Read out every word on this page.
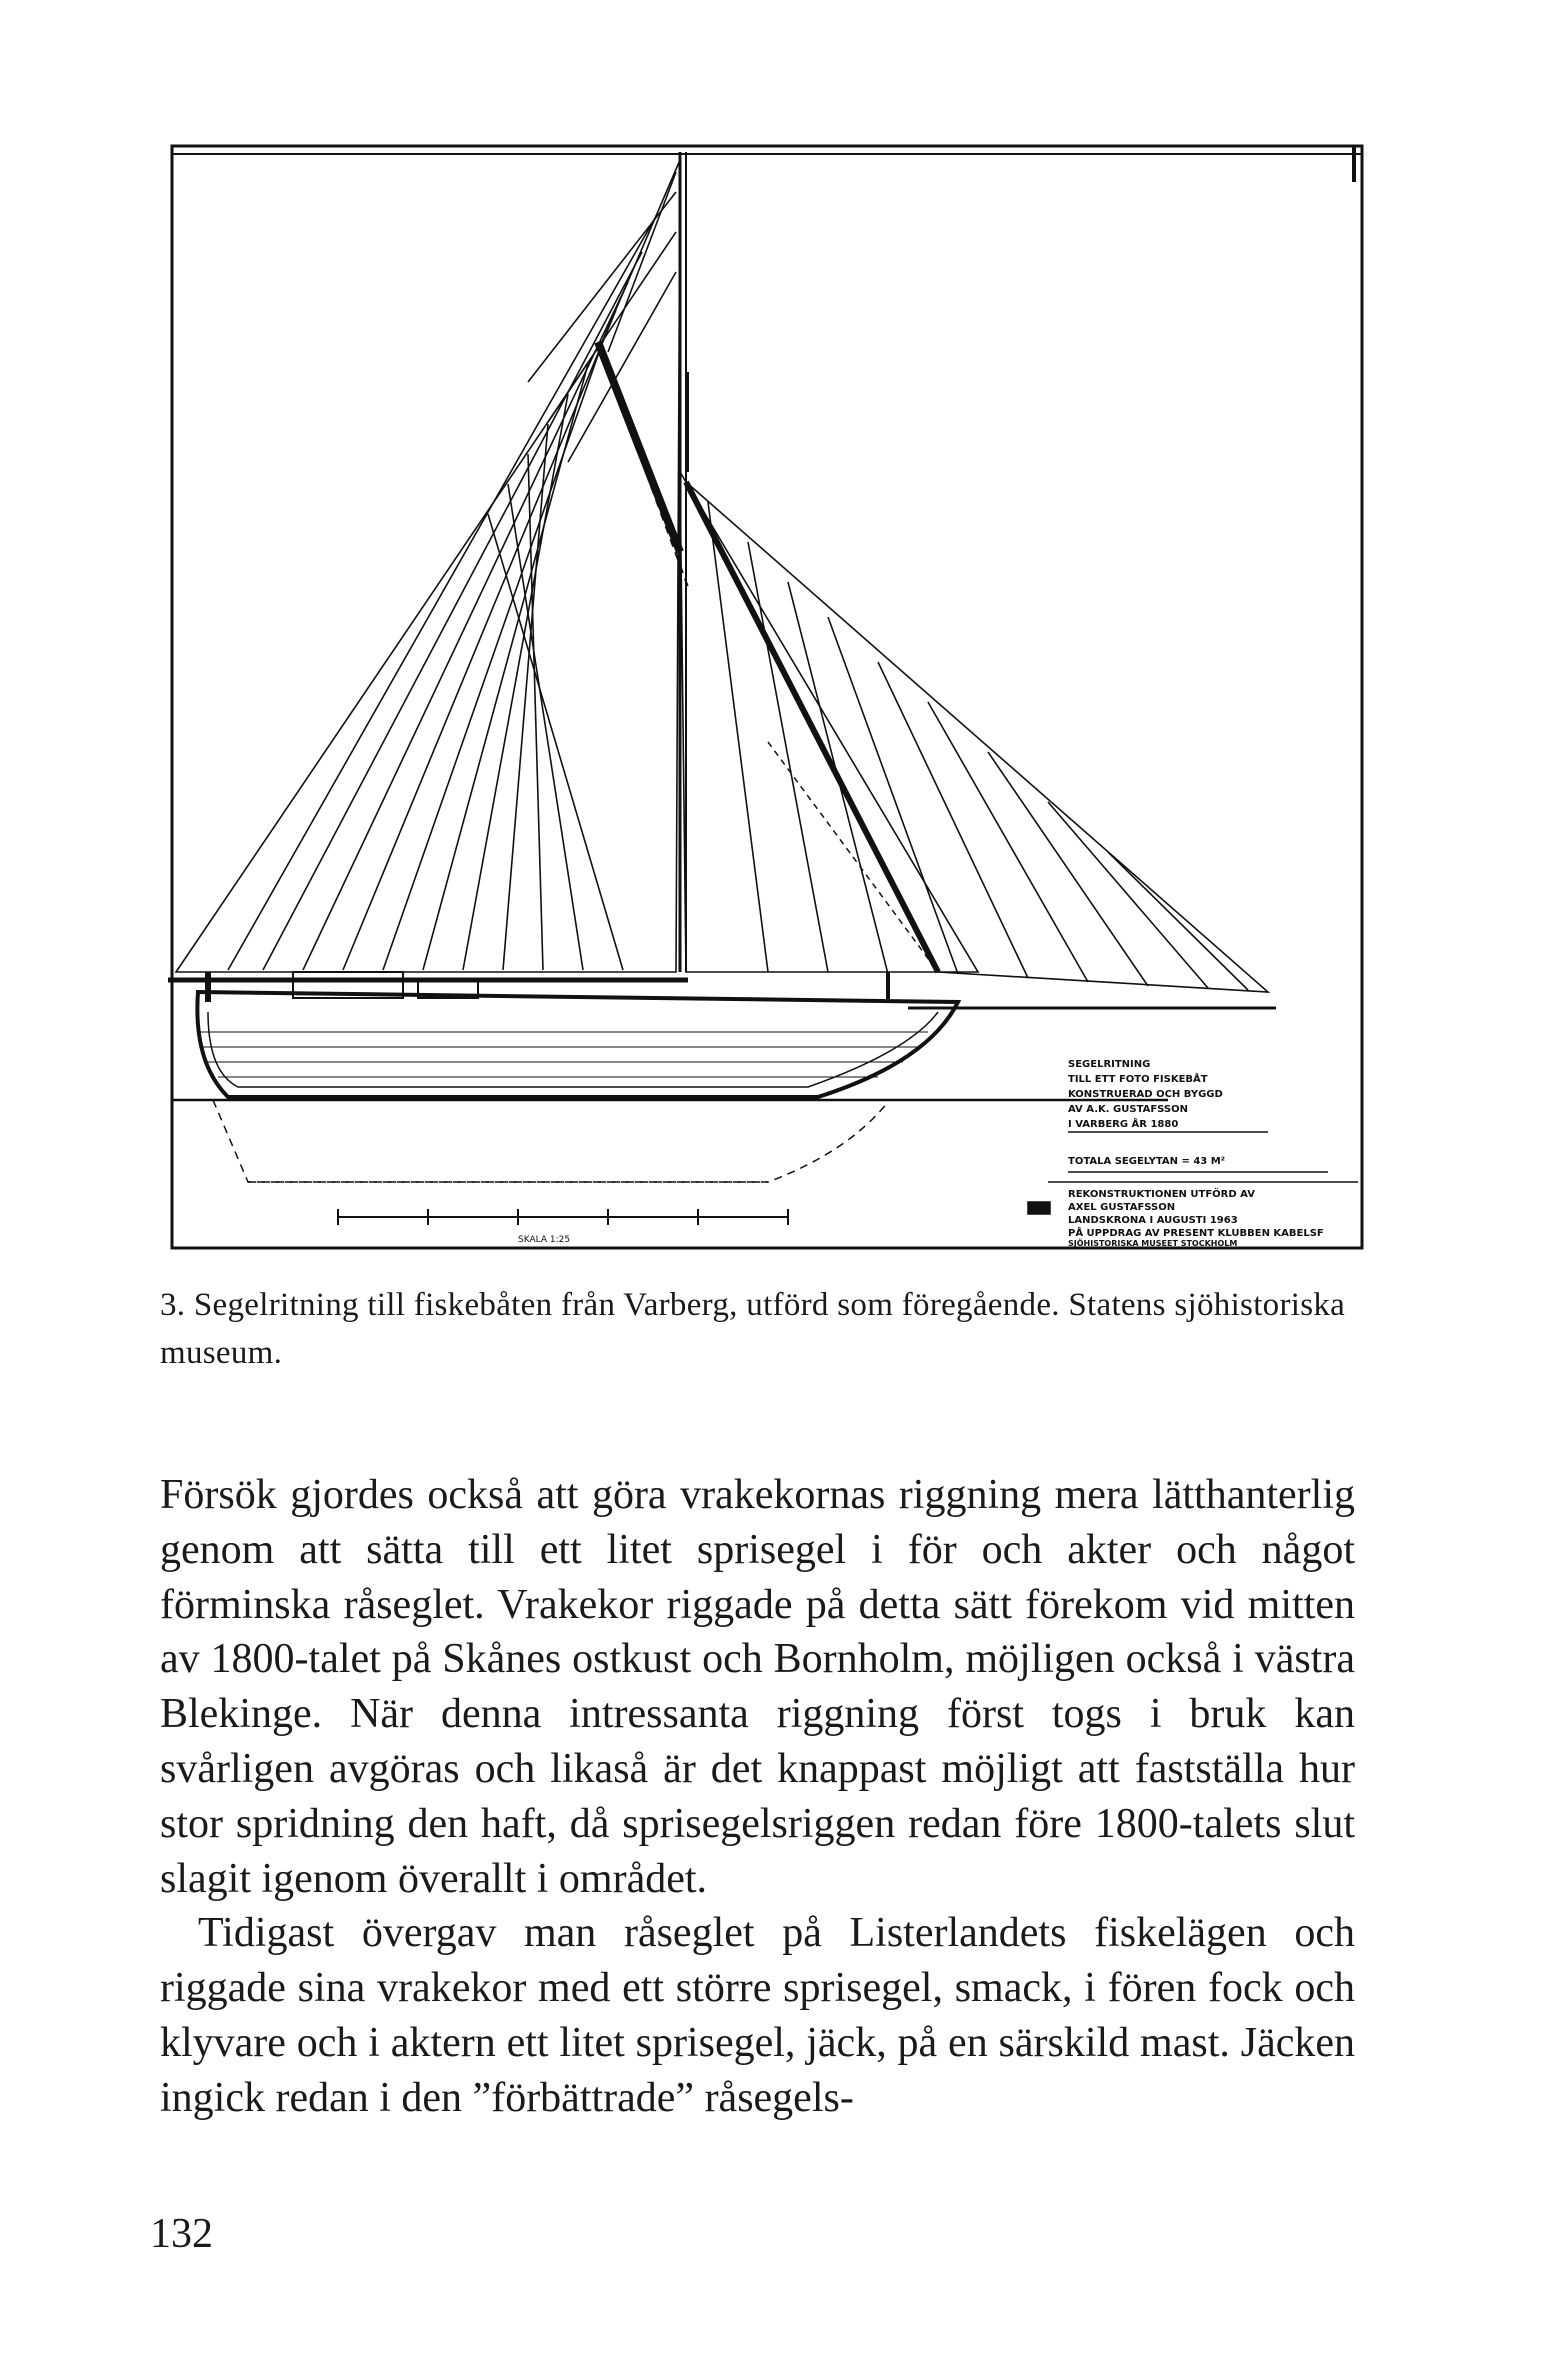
SKALA 1:25
SEGELRITNING
TILL ETT FOTO FISKEBÅT
KONSTRUERAD OCH BYGGD
AV A.K. GUSTAFSSON
I VARBERG ÅR 1880
TOTALA SEGELYTAN = 43 M²
REKONSTRUKTIONEN UTFÖRD AV
AXEL GUSTAFSSON
LANDSKRONA I AUGUSTI 1963
PÅ UPPDRAG AV PRESENT KLUBBEN KABELSF
SJÖHISTORISKA MUSEET STOCKHOLM
3. Segelritning till fiskebåten från Varberg, utförd som föregående. Statens sjöhistoriska museum.

Försök gjordes också att göra vrakekornas riggning mera lätthanterlig genom att sätta till ett litet sprisegel i för och akter och något förminska råseglet. Vrakekor riggade på detta sätt förekom vid mitten av 1800-talet på Skånes ostkust och Bornholm, möjligen också i västra Blekinge. När denna intressanta riggning först togs i bruk kan svårligen avgöras och likaså är det knappast möjligt att fastställa hur stor spridning den haft, då sprisegelsriggen redan före 1800-talets slut slagit igenom överallt i området.

Tidigast övergav man råseglet på Listerlandets fiskelägen och riggade sina vrakekor med ett större sprisegel, smack, i fören fock och klyvare och i aktern ett litet sprisegel, jäck, på en särskild mast. Jäcken ingick redan i den ”förbättrade” råsegels-

132
